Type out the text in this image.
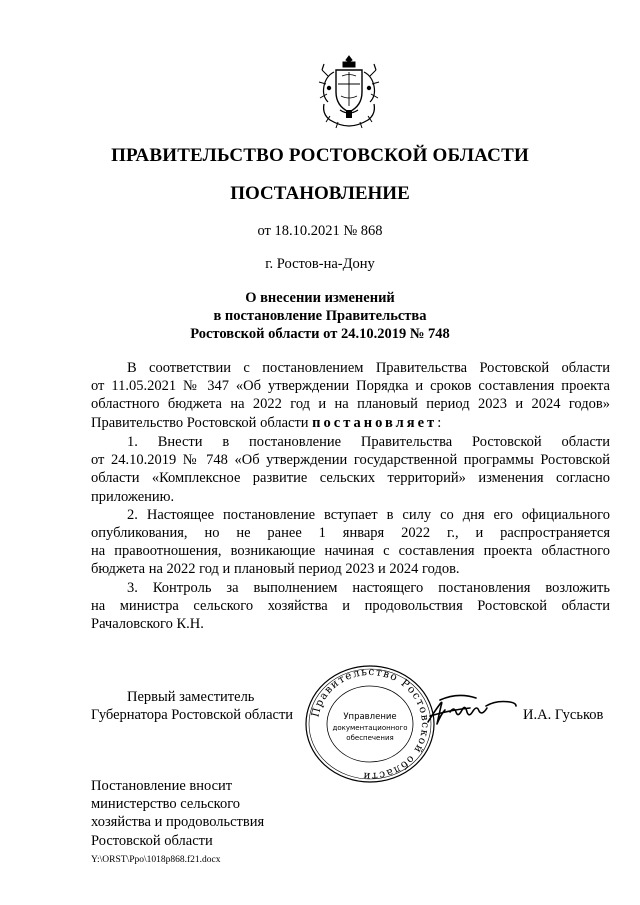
ПРАВИТЕЛЬСТВО РОСТОВСКОЙ ОБЛАСТИ
ПОСТАНОВЛЕНИЕ
от 18.10.2021 № 868
г. Ростов-на-Дону
О внесении изменений
в постановление Правительства
Ростовской области от 24.10.2019 № 748
В соответствии с постановлением Правительства Ростовской области
от 11.05.2021 № 347 «Об утверждении Порядка и сроков составления проекта
областного бюджета на 2022 год и на плановый период 2023 и 2024 годов»
Правительство Ростовской области постановляет:
1. Внести в постановление Правительства Ростовской области
от 24.10.2019 № 748 «Об утверждении государственной программы Ростовской
области «Комплексное развитие сельских территорий» изменения согласно
приложению.
2. Настоящее постановление вступает в силу со дня его официального
опубликования, но не ранее 1 января 2022 г., и распространяется
на правоотношения, возникающие начиная с составления проекта областного
бюджета на 2022 год и плановый период 2023 и 2024 годов.
3. Контроль за выполнением настоящего постановления возложить
на министра сельского хозяйства и продовольствия Ростовской области
Рачаловского К.Н.
Первый заместитель
Губернатора Ростовской области Правительство Ростовской области
Управление
документационного
обеспечения
И.А. Гуськов
Постановление вносит
министерство сельского
хозяйства и продовольствия
Ростовской области
Y:\ORST\Ppo\1018p868.f21.docx
